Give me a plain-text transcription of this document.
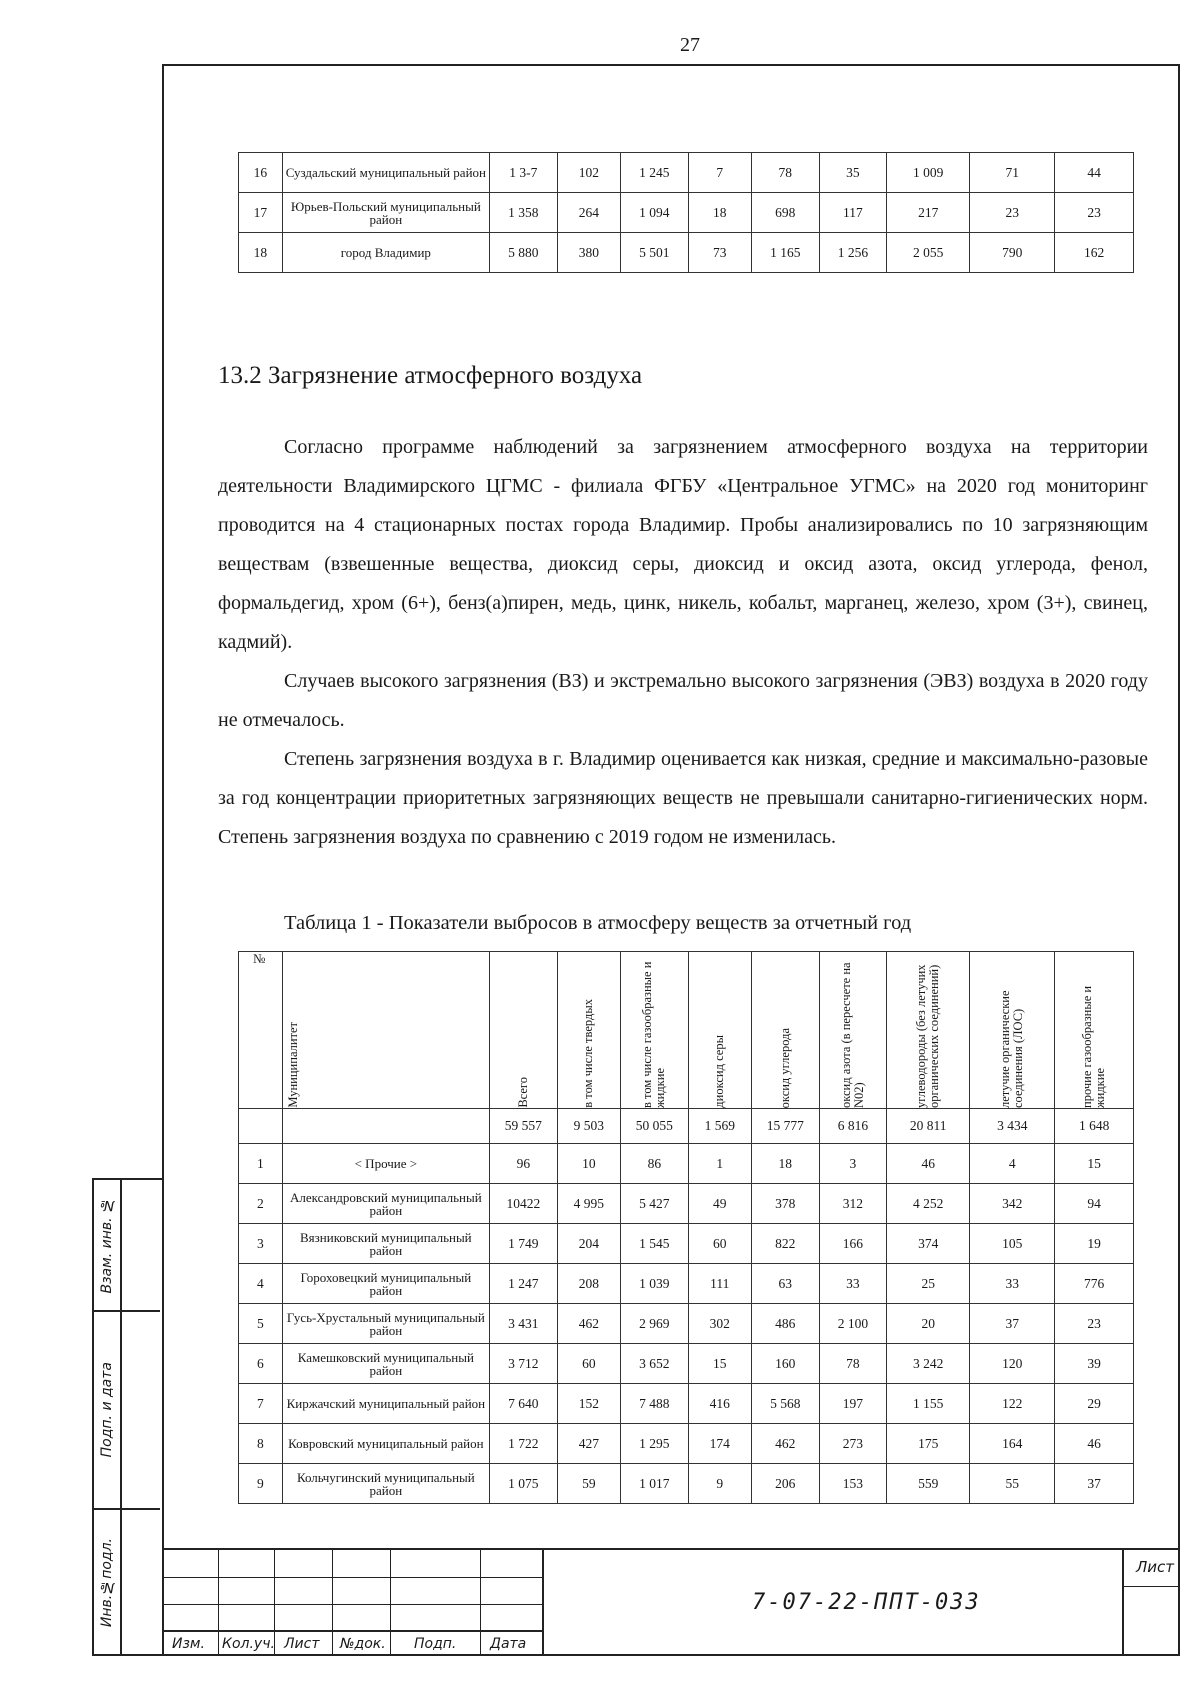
27
16	Суздальский муниципальный район	1 3-7	102	1 245	7	78	35	1 009	71	44
17	Юрьев-Польский муниципальный район	1 358	264	1 094	18	698	117	217	23	23
18	город Владимир	5 880	380	5 501	73	1 165	1 256	2 055	790	162
13.2 Загрязнение атмосферного воздуха

Согласно программе наблюдений за загрязнением атмосферного воздуха на территории деятельности Владимирского ЦГМС - филиала ФГБУ «Центральное УГМС» на 2020 год мониторинг проводится на 4 стационарных постах города Владимир. Пробы анализировались по 10 загрязняющим веществам (взвешенные вещества, диоксид серы, диоксид и оксид азота, оксид углерода, фенол, формальдегид, хром (6+), бенз(а)пирен, медь, цинк, никель, кобальт, марганец, железо, хром (3+), свинец, кадмий).

Случаев высокого загрязнения (ВЗ) и экстремально высокого загрязнения (ЭВЗ) воздуха в 2020 году не отмечалось.

Степень загрязнения воздуха в г. Владимир оценивается как низкая, средние и максимально-разовые за год концентрации приоритетных загрязняющих веществ не превышали санитарно-гигиенических норм. Степень загрязнения воздуха по сравнению с 2019 годом не изменилась.

Таблица 1 - Показатели выбросов в атмосферу веществ за отчетный год
№	Муниципалитет	Всего	в том числе твердых	в том числе газообразные и жидкие	диоксид серы	оксид углерода	оксид азота (в пересчете на N02)	углеводороды (без летучих органических соединений)	летучие органические соединения (ЛОС)	прочие газообразные и жидкие

		59 557	9 503	50 055	1 569	15 777	6 816	20 811	3 434	1 648
1	< Прочие >	96	10	86	1	18	3	46	4	15
2	Александровский муниципальный район	10422	4 995	5 427	49	378	312	4 252	342	94
3	Вязниковский муниципальный район	1 749	204	1 545	60	822	166	374	105	19
4	Гороховецкий муниципальный район	1 247	208	1 039	111	63	33	25	33	776
5	Гусь-Хрустальный муниципальный район	3 431	462	2 969	302	486	2 100	20	37	23
6	Камешковский муниципальный район	3 712	60	3 652	15	160	78	3 242	120	39
7	Киржачский муниципальный район	7 640	152	7 488	416	5 568	197	1 155	122	29
8	Ковровский муниципальный район	1 722	427	1 295	174	462	273	175	164	46
9	Кольчугинский муниципальный район	1 075	59	1 017	9	206	153	559	55	37
Взам. инв. №
Подп. и дата
Инв.№подл.
Изм. Кол.уч. Лист №док. Подп. Дата
7-07-22-ППТ-033
Лист
